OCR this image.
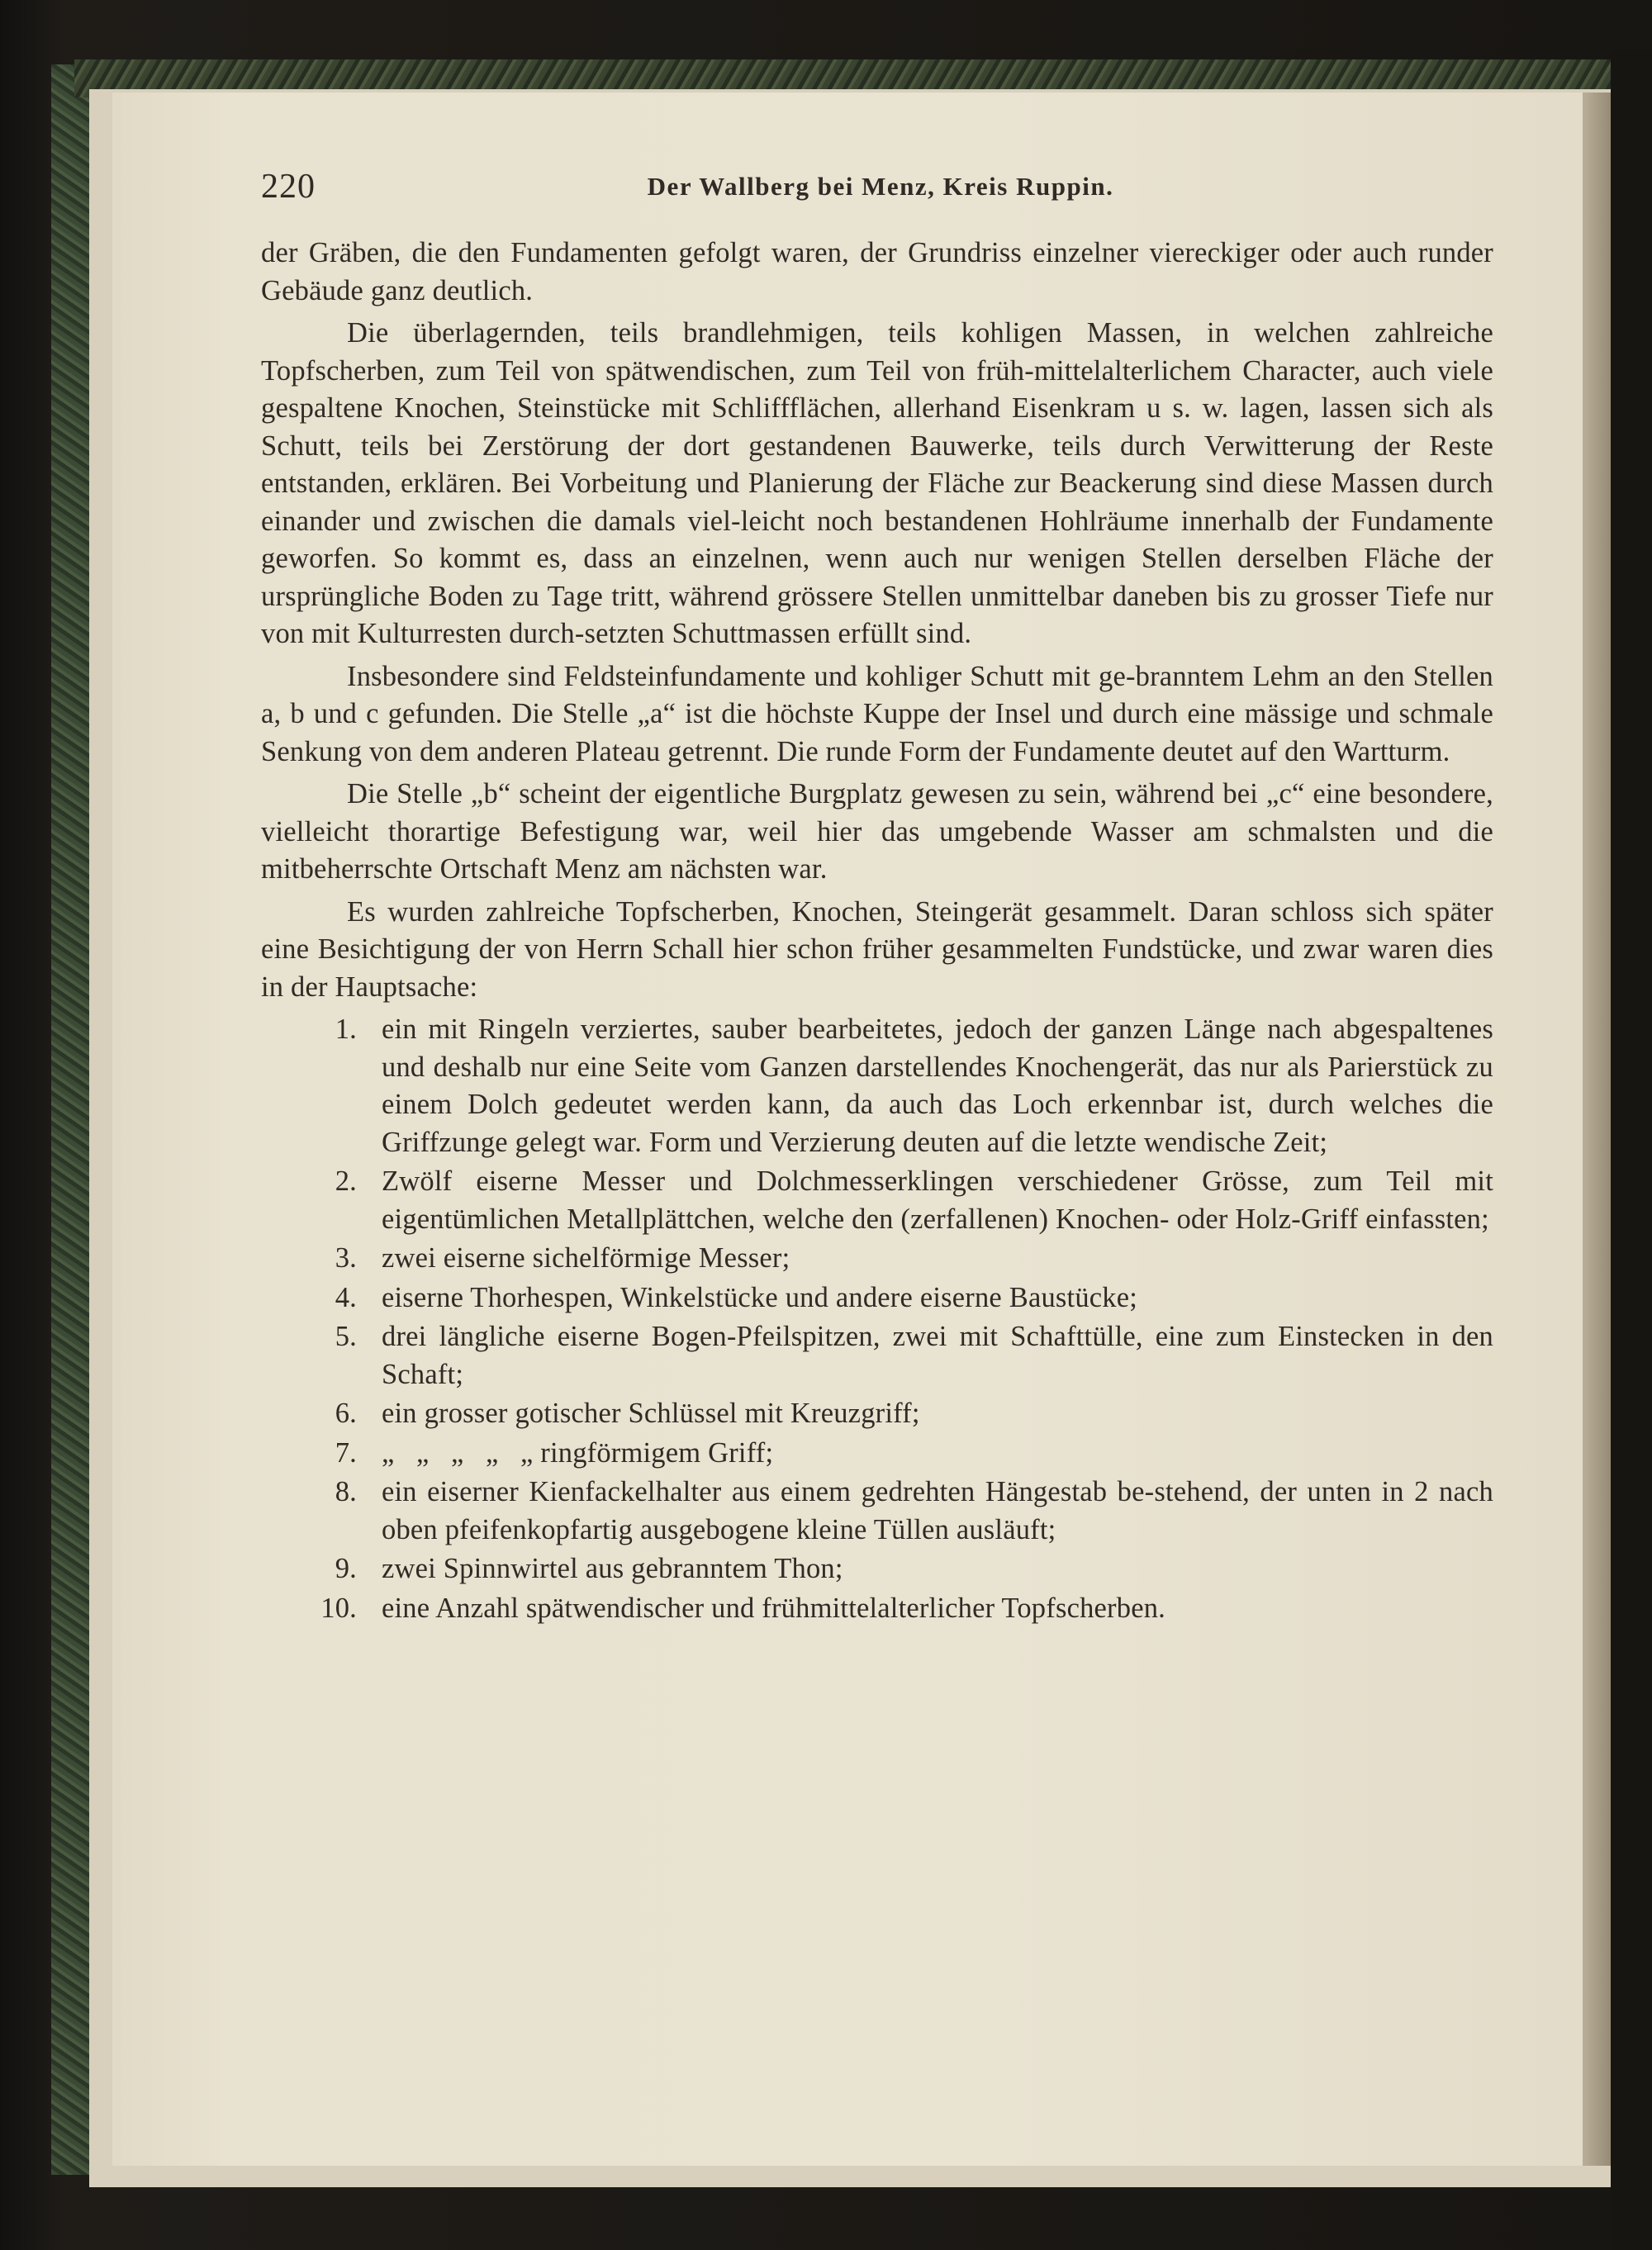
220	Der Wallberg bei Menz, Kreis Ruppin.

der Gräben, die den Fundamenten gefolgt waren, der Grundriss einzelner viereckiger oder auch runder Gebäude ganz deutlich.

Die überlagernden, teils brandlehmigen, teils kohligen Massen, in welchen zahlreiche Topfscherben, zum Teil von spätwendischen, zum Teil von früh-mittelalterlichem Character, auch viele gespaltene Knochen, Steinstücke mit Schliffflächen, allerhand Eisenkram u s. w. lagen, lassen sich als Schutt, teils bei Zerstörung der dort gestandenen Bauwerke, teils durch Verwitterung der Reste entstanden, erklären. Bei Vorbeitung und Planierung der Fläche zur Beackerung sind diese Massen durch einander und zwischen die damals viel-leicht noch bestandenen Hohlräume innerhalb der Fundamente geworfen. So kommt es, dass an einzelnen, wenn auch nur wenigen Stellen derselben Fläche der ursprüngliche Boden zu Tage tritt, während grössere Stellen unmittelbar daneben bis zu grosser Tiefe nur von mit Kulturresten durch-setzten Schuttmassen erfüllt sind.

Insbesondere sind Feldsteinfundamente und kohliger Schutt mit ge-branntem Lehm an den Stellen a, b und c gefunden. Die Stelle „a“ ist die höchste Kuppe der Insel und durch eine mässige und schmale Senkung von dem anderen Plateau getrennt. Die runde Form der Fundamente deutet auf den Wartturm.

Die Stelle „b“ scheint der eigentliche Burgplatz gewesen zu sein, während bei „c“ eine besondere, vielleicht thorartige Befestigung war, weil hier das umgebende Wasser am schmalsten und die mitbeherrschte Ortschaft Menz am nächsten war.

Es wurden zahlreiche Topfscherben, Knochen, Steingerät gesammelt. Daran schloss sich später eine Besichtigung der von Herrn Schall hier schon früher gesammelten Fundstücke, und zwar waren dies in der Hauptsache:

1. ein mit Ringeln verziertes, sauber bearbeitetes, jedoch der ganzen Länge nach abgespaltenes und deshalb nur eine Seite vom Ganzen darstellendes Knochengerät, das nur als Parierstück zu einem Dolch gedeutet werden kann, da auch das Loch erkennbar ist, durch welches die Griffzunge gelegt war. Form und Verzierung deuten auf die letzte wendische Zeit;
2. Zwölf eiserne Messer und Dolchmesserklingen verschiedener Grösse, zum Teil mit eigentümlichen Metallplättchen, welche den (zerfallenen) Knochen- oder Holz-Griff einfassten;
3. zwei eiserne sichelförmige Messer;
4. eiserne Thorhespen, Winkelstücke und andere eiserne Baustücke;
5. drei längliche eiserne Bogen-Pfeilspitzen, zwei mit Schafttülle, eine zum Einstecken in den Schaft;
6. ein grosser gotischer Schlüssel mit Kreuzgriff;
7. „   „   „   „   „ ringförmigem Griff;
8. ein eiserner Kienfackelhalter aus einem gedrehten Hängestab be-stehend, der unten in 2 nach oben pfeifenkopfartig ausgebogene kleine Tüllen ausläuft;
9. zwei Spinnwirtel aus gebranntem Thon;
10. eine Anzahl spätwendischer und frühmittelalterlicher Topfscherben.
